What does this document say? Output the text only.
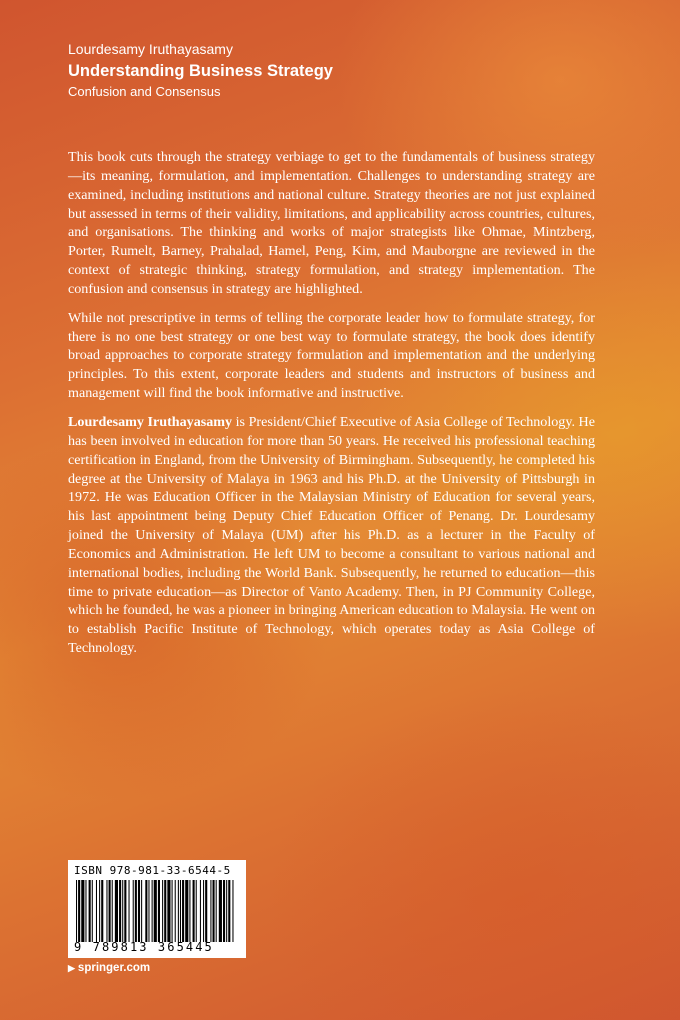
Lourdesamy Iruthayasamy
Understanding Business Strategy
Confusion and Consensus

This book cuts through the strategy verbiage to get to the fundamentals of business strategy—its meaning, formulation, and implementation. Challenges to understanding strategy are examined, including institutions and national culture. Strategy theories are not just explained but assessed in terms of their validity, limitations, and applicability across countries, cultures, and organisations. The thinking and works of major strategists like Ohmae, Mintzberg, Porter, Rumelt, Barney, Prahalad, Hamel, Peng, Kim, and Mauborgne are reviewed in the context of strategic thinking, strategy formulation, and strategy implementation. The confusion and consensus in strategy are highlighted.

While not prescriptive in terms of telling the corporate leader how to formulate strategy, for there is no one best strategy or one best way to formulate strategy, the book does identify broad approaches to corporate strategy formulation and implementation and the underlying principles. To this extent, corporate leaders and students and instructors of business and management will find the book informative and instructive.

Lourdesamy Iruthayasamy is President/Chief Executive of Asia College of Technology. He has been involved in education for more than 50 years. He received his professional teaching certification in England, from the University of Birmingham. Subsequently, he completed his degree at the University of Malaya in 1963 and his Ph.D. at the University of Pittsburgh in 1972. He was Education Officer in the Malaysian Ministry of Education for several years, his last appointment being Deputy Chief Education Officer of Penang. Dr. Lourdesamy joined the University of Malaya (UM) after his Ph.D. as a lecturer in the Faculty of Economics and Administration. He left UM to become a consultant to various national and international bodies, including the World Bank. Subsequently, he returned to education—this time to private education—as Director of Vanto Academy. Then, in PJ Community College, which he founded, he was a pioneer in bringing American education to Malaysia. He went on to establish Pacific Institute of Technology, which operates today as Asia College of Technology.

ISBN 978-981-33-6544-5
9 789813 365445
▶ springer.com
